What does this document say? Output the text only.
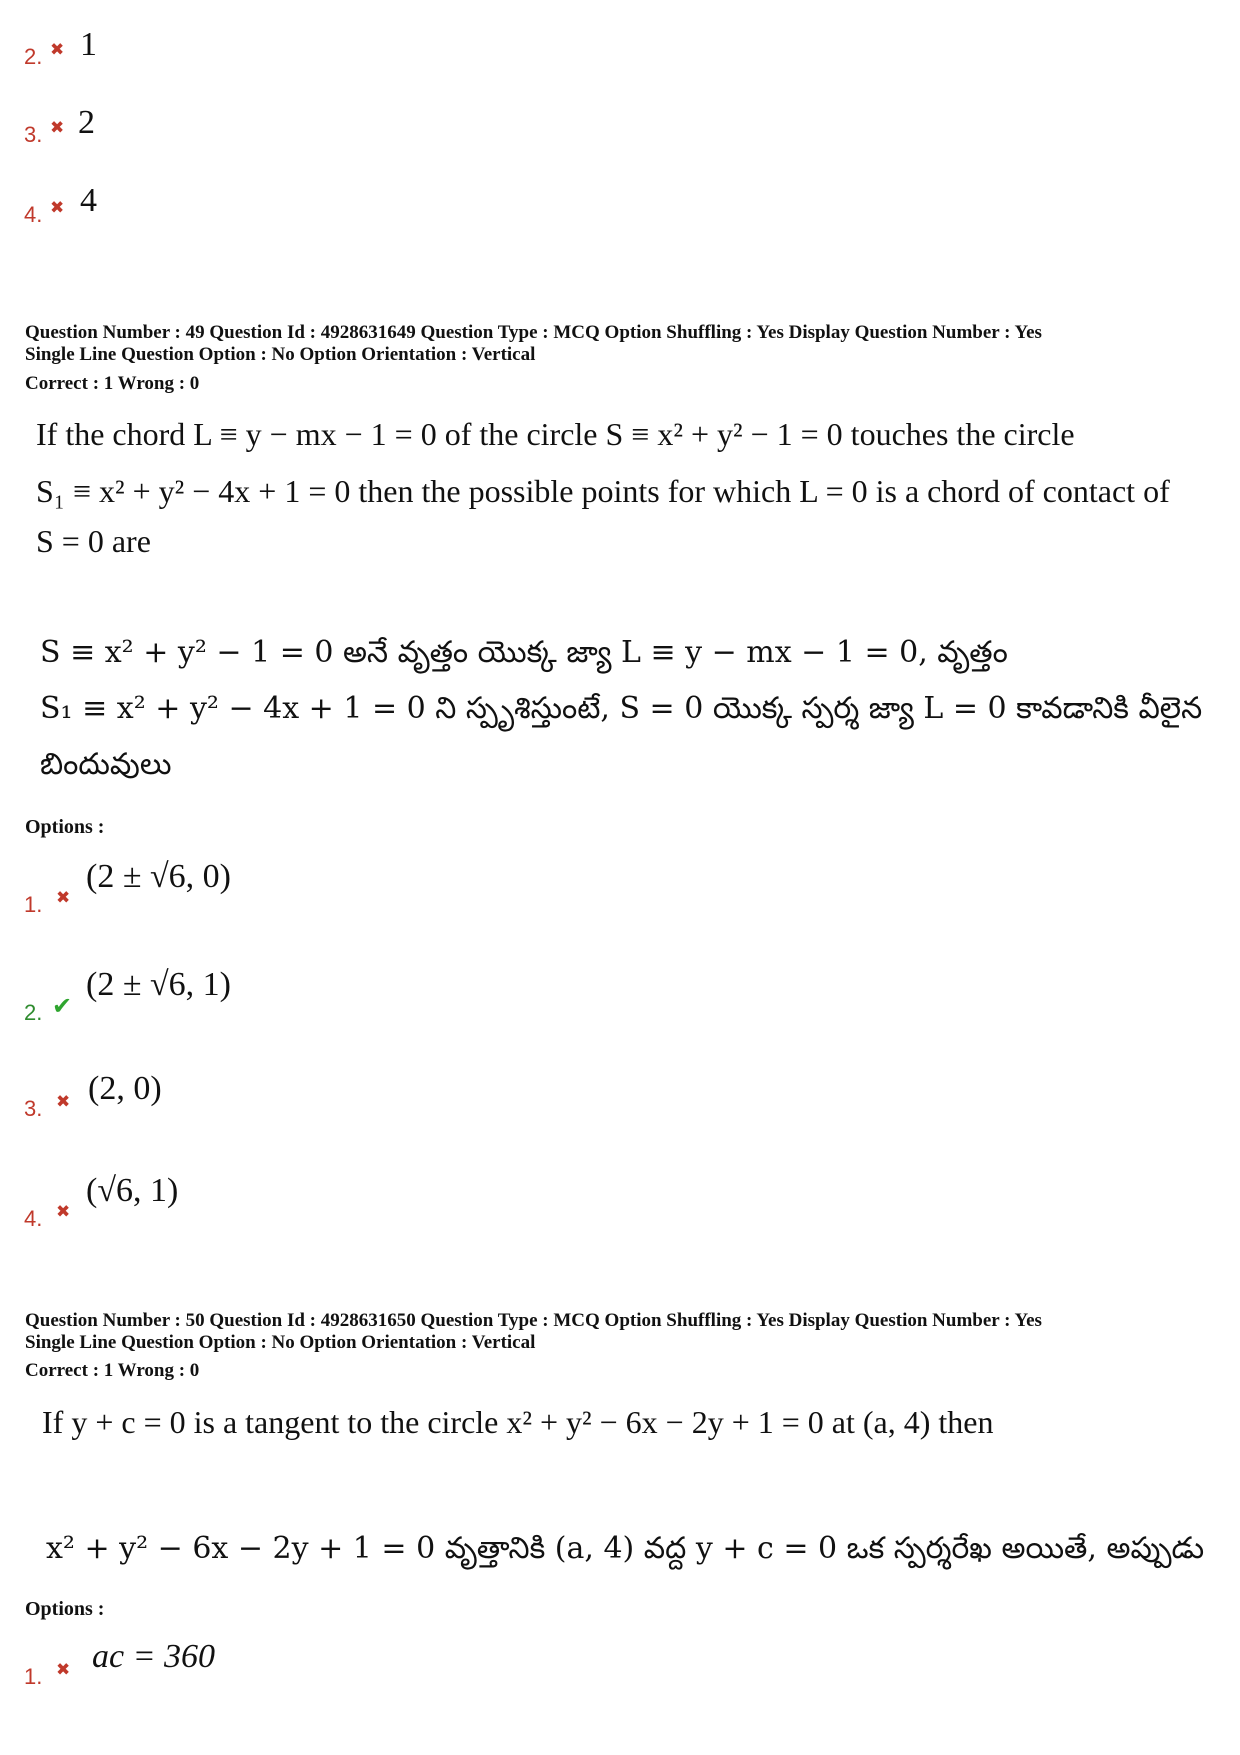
2. ✖ 1
3. ✖ 2
4. ✖ 4
Question Number : 49 Question Id : 4928631649 Question Type : MCQ Option Shuffling : Yes Display Question Number : Yes
Single Line Question Option : No Option Orientation : Vertical
Correct : 1 Wrong : 0
If the chord L ≡ y − mx − 1 = 0 of the circle S ≡ x² + y² − 1 = 0 touches the circle
S₁ ≡ x² + y² − 4x + 1 = 0 then the possible points for which L = 0 is a chord of contact of
S = 0 are
S ≡ x² + y² − 1 = 0 అనే వృత్తం యొక్క జ్యా L ≡ y − mx − 1 = 0, వృత్తం
S₁ ≡ x² + y² − 4x + 1 = 0 ని స్పృశిస్తుంటే, S = 0 యొక్క స్పర్శ జ్యా L = 0 కావడానికి వీలైన
బిందువులు
Options :
1. ✖
(2 ± √6, 0)
2. ✔
(2 ± √6, 1)
3. ✖ (2, 0)
4. ✖
(√6, 1)
Question Number : 50 Question Id : 4928631650 Question Type : MCQ Option Shuffling : Yes Display Question Number : Yes
Single Line Question Option : No Option Orientation : Vertical
Correct : 1 Wrong : 0
If y + c = 0 is a tangent to the circle x² + y² − 6x − 2y + 1 = 0 at (a, 4) then
x² + y² − 6x − 2y + 1 = 0 వృత్తానికి (a, 4) వద్ద y + c = 0 ఒక స్పర్శరేఖ అయితే, అప్పుడు
Options :
1. ✖ ac = 360
